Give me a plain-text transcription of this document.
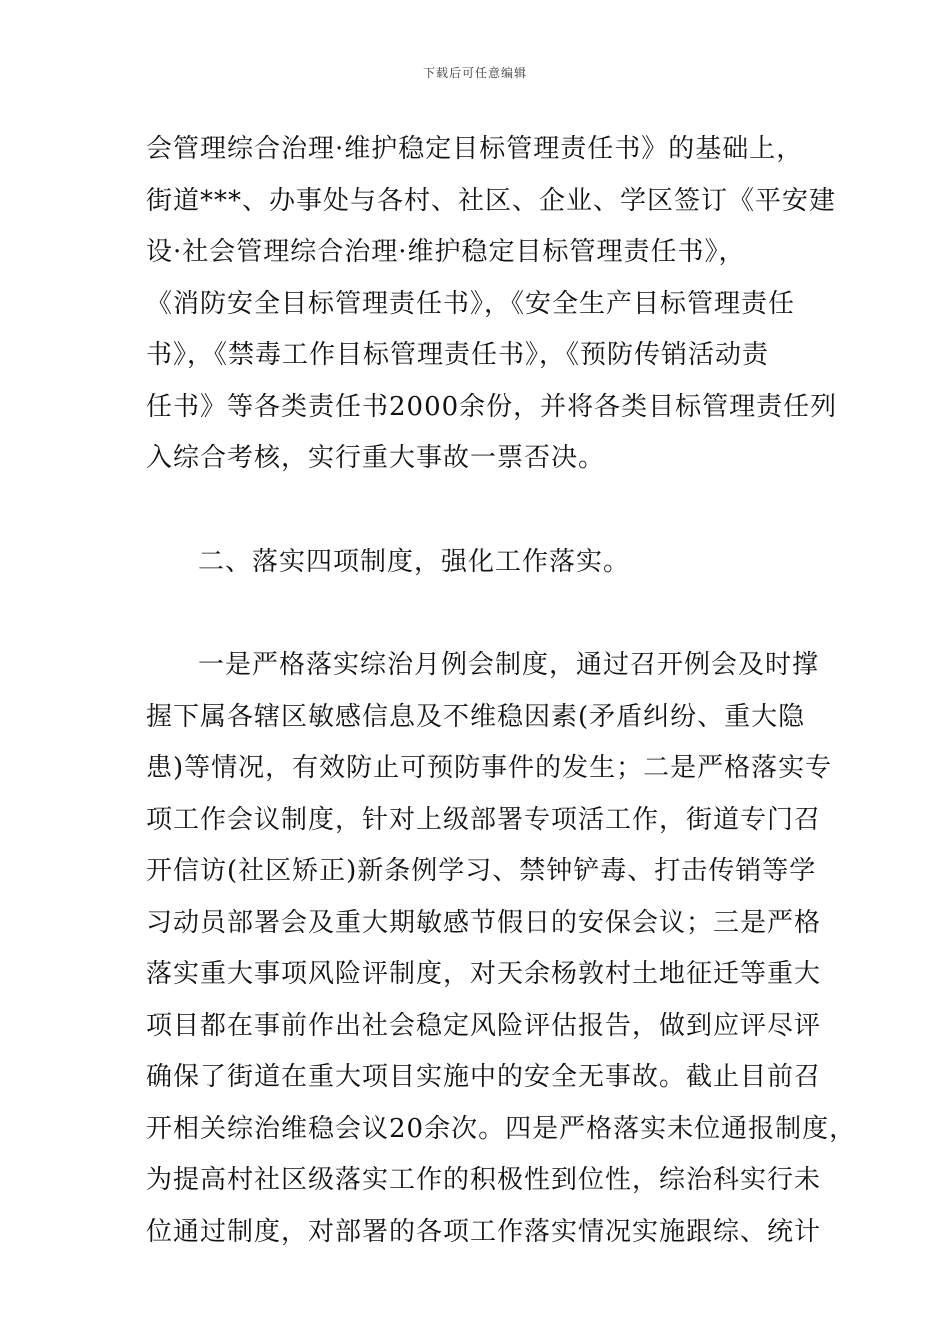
下载后可任意编辑

会管理综合治理·维护稳定目标管理责任书》的基础上，
街道***、办事处与各村、社区、企业、学区签订《平安建
设·社会管理综合治理·维护稳定目标管理责任书》，
《消防安全目标管理责任书》，《安全生产目标管理责任
书》，《禁毒工作目标管理责任书》，《预防传销活动责
任书》等各类责任书2000余份，并将各类目标管理责任列
入综合考核，实行重大事故一票否决。

二、落实四项制度，强化工作落实。

一是严格落实综治月例会制度，通过召开例会及时撑
握下属各辖区敏感信息及不维稳因素(矛盾纠纷、重大隐
患)等情况，有效防止可预防事件的发生；二是严格落实专
项工作会议制度，针对上级部署专项活工作，街道专门召
开信访(社区矫正)新条例学习、禁钟铲毒、打击传销等学
习动员部署会及重大期敏感节假日的安保会议；三是严格
落实重大事项风险评制度，对天余杨敦村土地征迁等重大
项目都在事前作出社会稳定风险评估报告，做到应评尽评
确保了街道在重大项目实施中的安全无事故。截止目前召
开相关综治维稳会议20余次。四是严格落实未位通报制度，
为提高村社区级落实工作的积极性到位性，综治科实行未
位通过制度，对部署的各项工作落实情况实施跟综、统计
